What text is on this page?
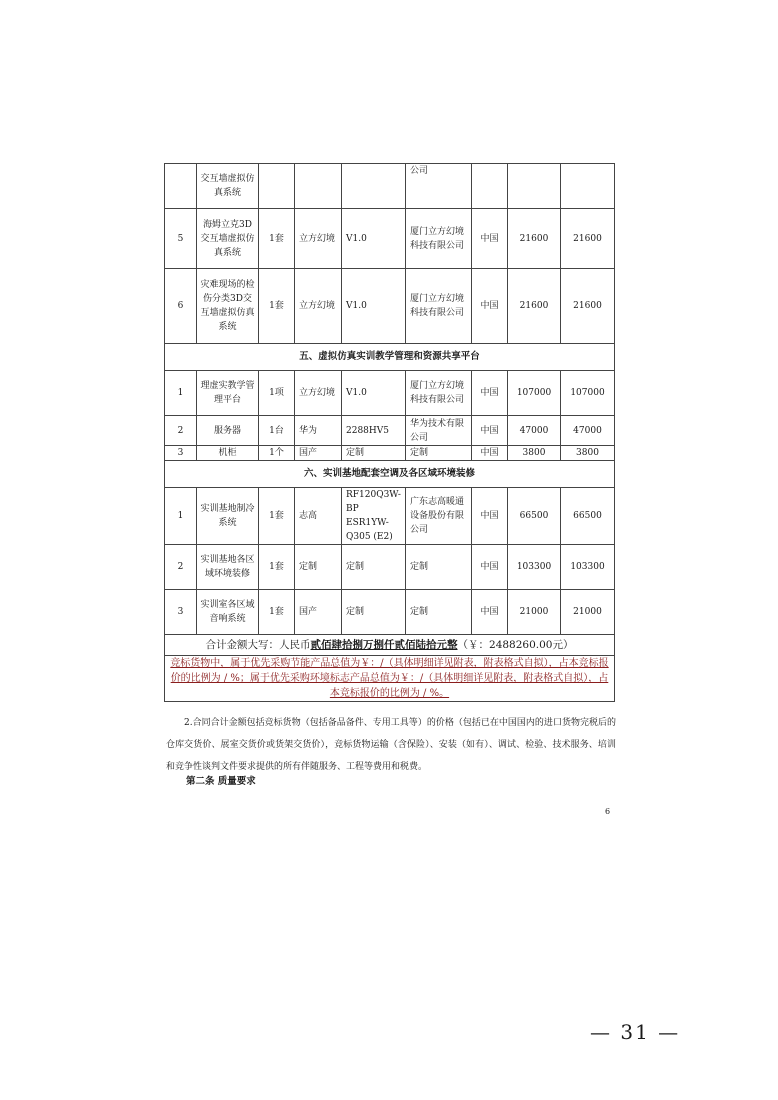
	交互墙虚拟仿真系统				公司			
5	海姆立克3D交互墙虚拟仿真系统	1套	立方幻境	V1.0	厦门立方幻境科技有限公司	中国	21600	21600
6	灾难现场的检伤分类3D交互墙虚拟仿真系统	1套	立方幻境	V1.0	厦门立方幻境科技有限公司	中国	21600	21600
五、虚拟仿真实训教学管理和资源共享平台								
1	理虚实教学管理平台	1项	立方幻境	V1.0	厦门立方幻境科技有限公司	中国	107000	107000
2	服务器	1台	华为	2288HV5	华为技术有限公司	中国	47000	47000
3	机柜	1个	国产	定制	定制	中国	3800	3800
六、实训基地配套空调及各区域环境装修								
1	实训基地制冷系统	1套	志高	RF120Q3W-BP ESR1YW-Q305 (E2)	广东志高暖通设备股份有限公司	中国	66500	66500
2	实训基地各区域环境装修	1套	定制	定制	定制	中国	103300	103300
3	实训室各区域音响系统	1套	国产	定制	定制	中国	21000	21000
合计金额大写：人民币贰佰肆拾捌万捌仟贰佰陆拾元整（￥：2488260.00元）								
竞标货物中，属于优先采购节能产品总值为￥：/（具体明细详见附表，附表格式自拟），占本竞标报价的比例为 / %；属于优先采购环境标志产品总值为￥：/（具体明细详见附表，附表格式自拟），占本竞标报价的比例为 / %。								
2.合同合计金额包括竞标货物（包括备品备件、专用工具等）的价格（包括已在中国国内的进口货物完税后的仓库交货价、展室交货价或货架交货价），竞标货物运输（含保险）、安装（如有）、调试、检验、技术服务、培训和竞争性谈判文件要求提供的所有伴随服务、工程等费用和税费。
第二条 质量要求
6
— 31 —
